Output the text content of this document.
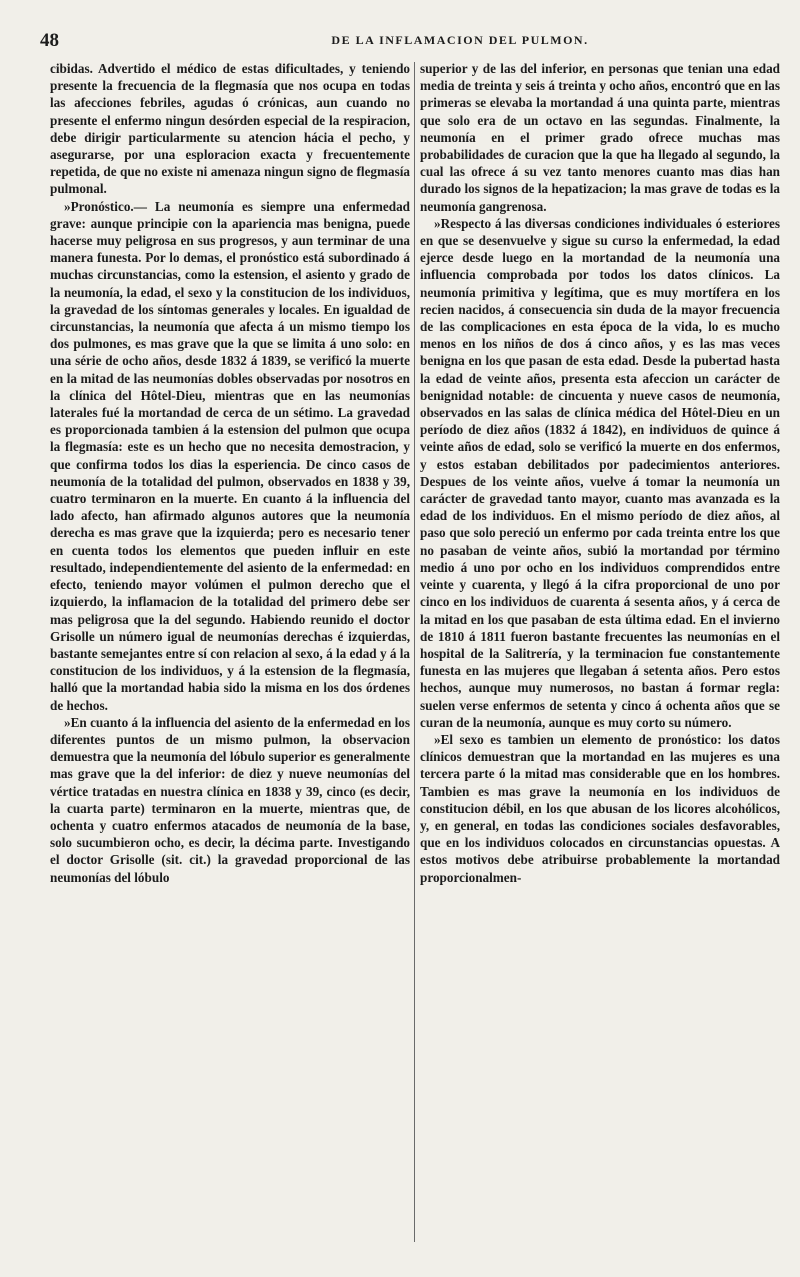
48	DE LA INFLAMACION DEL PULMON.

cibidas. Advertido el médico de estas dificultades, y teniendo presente la frecuencia de la flegmasía que nos ocupa en todas las afecciones febriles, agudas ó crónicas, aun cuando no presente el enfermo ningun desórden especial de la respiracion, debe dirigir particularmente su atencion hácia el pecho, y asegurarse, por una esploracion exacta y frecuentemente repetida, de que no existe ni amenaza ningun signo de flegmasía pulmonal.

»Pronóstico.— La neumonía es siempre una enfermedad grave: aunque principie con la apariencia mas benigna, puede hacerse muy peligrosa en sus progresos, y aun terminar de una manera funesta. Por lo demas, el pronóstico está subordinado á muchas circunstancias, como la estension, el asiento y grado de la neumonía, la edad, el sexo y la constitucion de los individuos, la gravedad de los síntomas generales y locales. En igualdad de circunstancias, la neumonía que afecta á un mismo tiempo los dos pulmones, es mas grave que la que se limita á uno solo: en una série de ocho años, desde 1832 á 1839, se verificó la muerte en la mitad de las neumonías dobles observadas por nosotros en la clínica del Hôtel-Dieu, mientras que en las neumonías laterales fué la mortandad de cerca de un sétimo. La gravedad es proporcionada tambien á la estension del pulmon que ocupa la flegmasía: este es un hecho que no necesita demostracion, y que confirma todos los dias la esperiencia. De cinco casos de neumonía de la totalidad del pulmon, observados en 1838 y 39, cuatro terminaron en la muerte. En cuanto á la influencia del lado afecto, han afirmado algunos autores que la neumonía derecha es mas grave que la izquierda; pero es necesario tener en cuenta todos los elementos que pueden influir en este resultado, independientemente del asiento de la enfermedad: en efecto, teniendo mayor volúmen el pulmon derecho que el izquierdo, la inflamacion de la totalidad del primero debe ser mas peligrosa que la del segundo. Habiendo reunido el doctor Grisolle un número igual de neumonías derechas é izquierdas, bastante semejantes entre sí con relacion al sexo, á la edad y á la constitucion de los individuos, y á la estension de la flegmasía, halló que la mortandad habia sido la misma en los dos órdenes de hechos.

»En cuanto á la influencia del asiento de la enfermedad en los diferentes puntos de un mismo pulmon, la observacion demuestra que la neumonía del lóbulo superior es generalmente mas grave que la del inferior: de diez y nueve neumonías del vértice tratadas en nuestra clínica en 1838 y 39, cinco (es decir, la cuarta parte) terminaron en la muerte, mientras que, de ochenta y cuatro enfermos atacados de neumonía de la base, solo sucumbieron ocho, es decir, la décima parte. Investigando el doctor Grisolle (sit. cit.) la gravedad proporcional de las neumonías del lóbulo

superior y de las del inferior, en personas que tenian una edad media de treinta y seis á treinta y ocho años, encontró que en las primeras se elevaba la mortandad á una quinta parte, mientras que solo era de un octavo en las segundas. Finalmente, la neumonía en el primer grado ofrece muchas mas probabilidades de curacion que la que ha llegado al segundo, la cual las ofrece á su vez tanto menores cuanto mas dias han durado los signos de la hepatizacion; la mas grave de todas es la neumonía gangrenosa.

»Respecto á las diversas condiciones individuales ó esteriores en que se desenvuelve y sigue su curso la enfermedad, la edad ejerce desde luego en la mortandad de la neumonía una influencia comprobada por todos los datos clínicos. La neumonía primitiva y legítima, que es muy mortífera en los recien nacidos, á consecuencia sin duda de la mayor frecuencia de las complicaciones en esta época de la vida, lo es mucho menos en los niños de dos á cinco años, y es las mas veces benigna en los que pasan de esta edad. Desde la pubertad hasta la edad de veinte años, presenta esta afeccion un carácter de benignidad notable: de cincuenta y nueve casos de neumonía, observados en las salas de clínica médica del Hôtel-Dieu en un período de diez años (1832 á 1842), en individuos de quince á veinte años de edad, solo se verificó la muerte en dos enfermos, y estos estaban debilitados por padecimientos anteriores. Despues de los veinte años, vuelve á tomar la neumonía un carácter de gravedad tanto mayor, cuanto mas avanzada es la edad de los individuos. En el mismo período de diez años, al paso que solo pereció un enfermo por cada treinta entre los que no pasaban de veinte años, subió la mortandad por término medio á uno por ocho en los individuos comprendidos entre veinte y cuarenta, y llegó á la cifra proporcional de uno por cinco en los individuos de cuarenta á sesenta años, y á cerca de la mitad en los que pasaban de esta última edad. En el invierno de 1810 á 1811 fueron bastante frecuentes las neumonías en el hospital de la Salitrería, y la terminacion fue constantemente funesta en las mujeres que llegaban á setenta años. Pero estos hechos, aunque muy numerosos, no bastan á formar regla: suelen verse enfermos de setenta y cinco á ochenta años que se curan de la neumonía, aunque es muy corto su número.

»El sexo es tambien un elemento de pronóstico: los datos clínicos demuestran que la mortandad en las mujeres es una tercera parte ó la mitad mas considerable que en los hombres. Tambien es mas grave la neumonía en los individuos de constitucion débil, en los que abusan de los licores alcohólicos, y, en general, en todas las condiciones sociales desfavorables, que en los individuos colocados en circunstancias opuestas. A estos motivos debe atribuirse probablemente la mortandad proporcionalmen-
